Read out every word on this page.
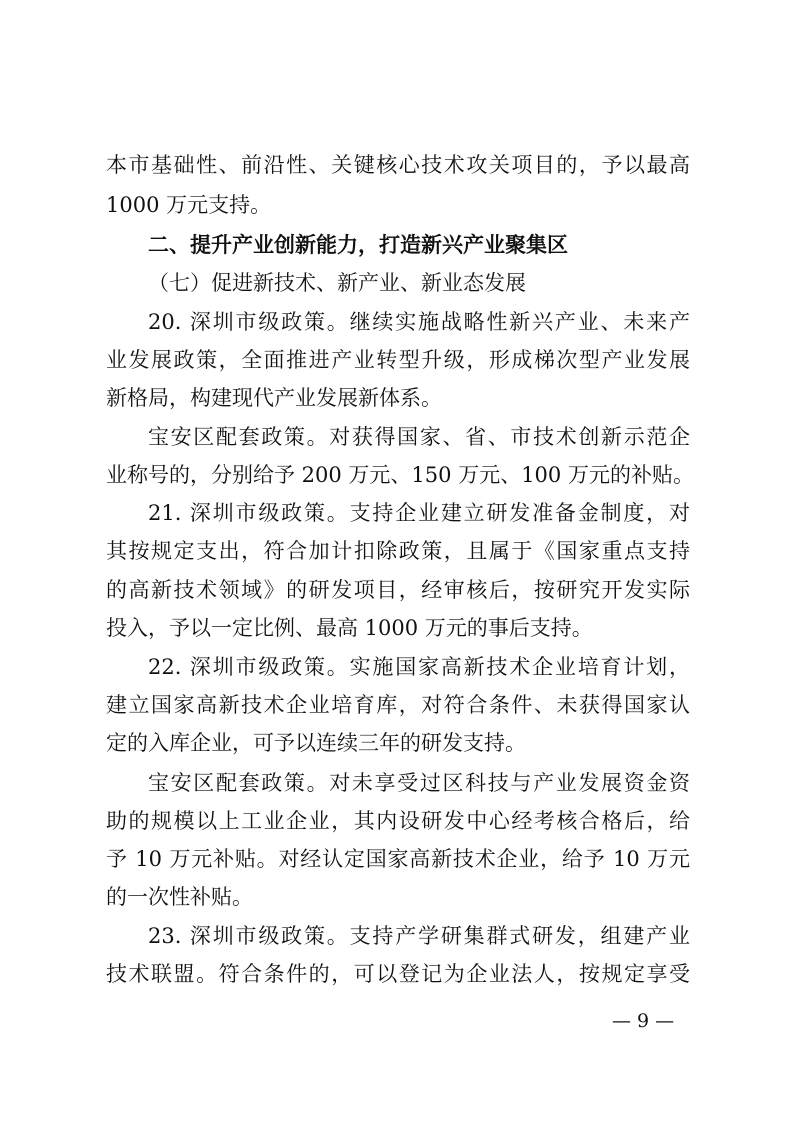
本市基础性、前沿性、关键核心技术攻关项目的，予以最高
1000 万元支持。
二、提升产业创新能力，打造新兴产业聚集区
（七）促进新技术、新产业、新业态发展
20. 深圳市级政策。继续实施战略性新兴产业、未来产
业发展政策，全面推进产业转型升级，形成梯次型产业发展
新格局，构建现代产业发展新体系。
宝安区配套政策。对获得国家、省、市技术创新示范企
业称号的，分别给予 200 万元、150 万元、100 万元的补贴。
21. 深圳市级政策。支持企业建立研发准备金制度，对
其按规定支出，符合加计扣除政策，且属于《国家重点支持
的高新技术领域》的研发项目，经审核后，按研究开发实际
投入，予以一定比例、最高 1000 万元的事后支持。
22. 深圳市级政策。实施国家高新技术企业培育计划，
建立国家高新技术企业培育库，对符合条件、未获得国家认
定的入库企业，可予以连续三年的研发支持。
宝安区配套政策。对未享受过区科技与产业发展资金资
助的规模以上工业企业，其内设研发中心经考核合格后，给
予 10 万元补贴。对经认定国家高新技术企业，给予 10 万元
的一次性补贴。
23. 深圳市级政策。支持产学研集群式研发，组建产业
技术联盟。符合条件的，可以登记为企业法人，按规定享受
— 9 —
